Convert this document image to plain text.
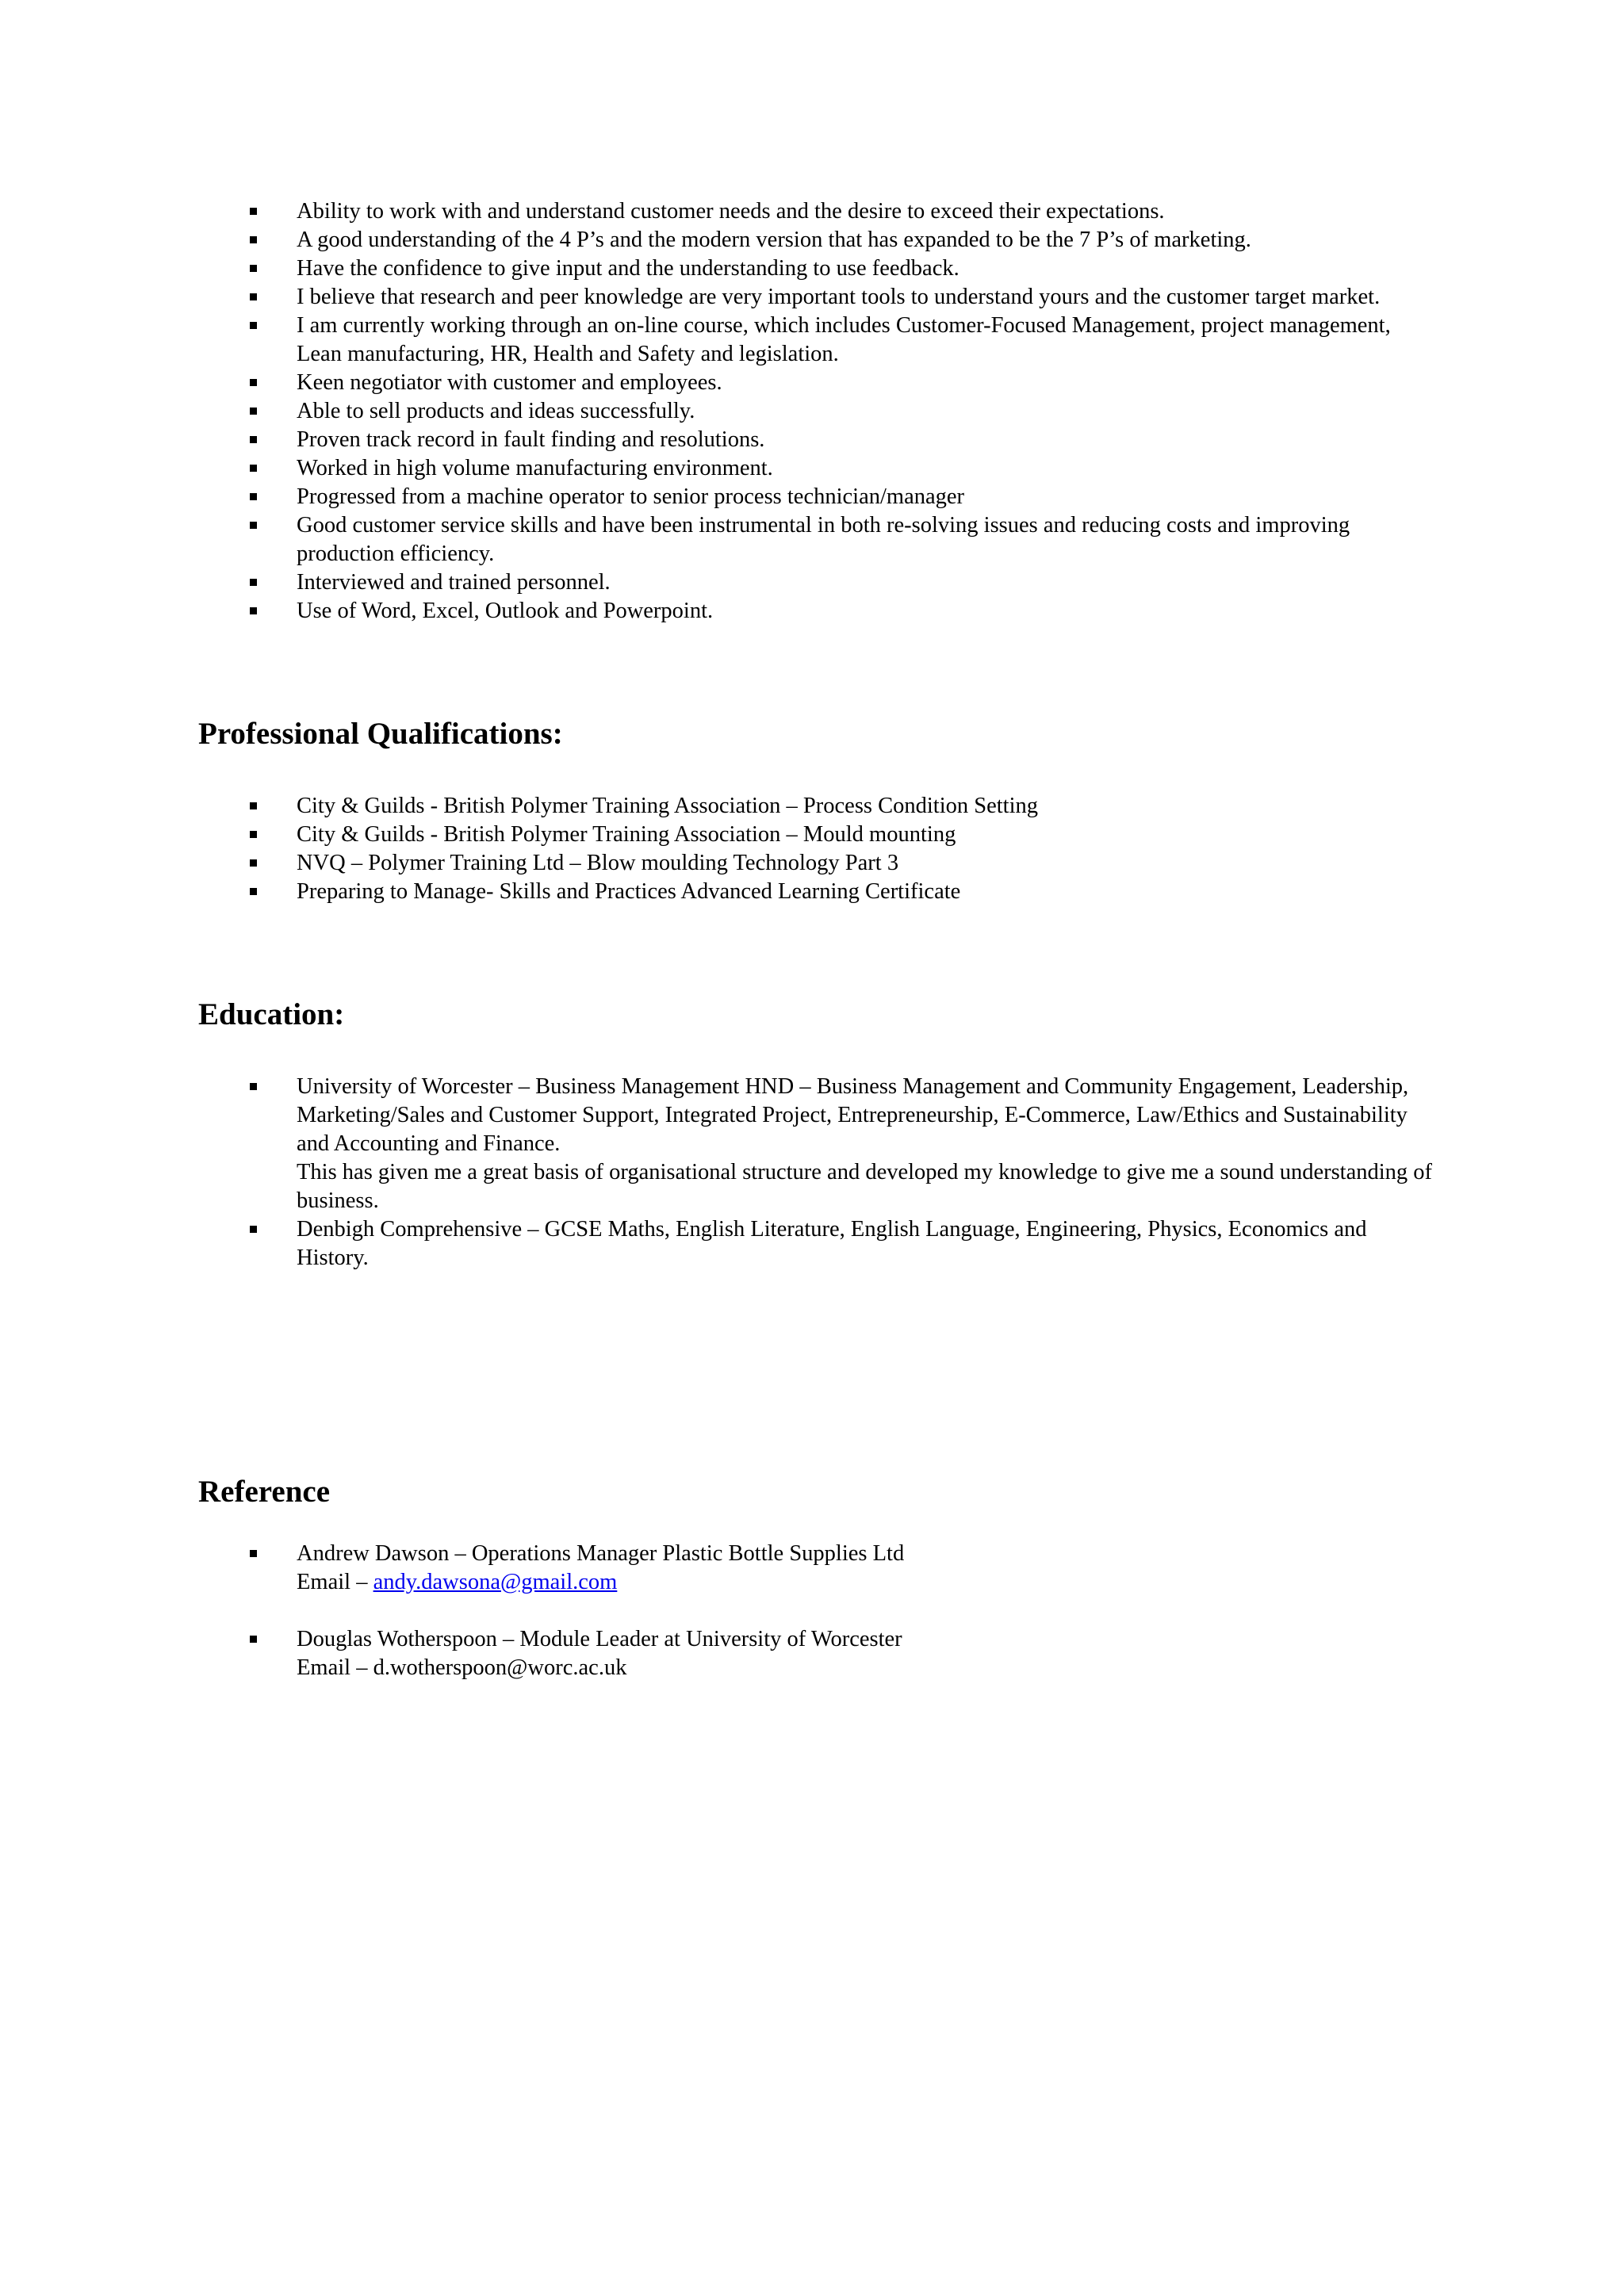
Ability to work with and understand customer needs and the desire to exceed their expectations.
A good understanding of the 4 P’s and the modern version that has expanded to be the 7 P’s of marketing.
Have the confidence to give input and the understanding to use feedback.
I believe that research and peer knowledge are very important tools to understand yours and the customer target market.
I am currently working through an on-line course, which includes Customer-Focused Management, project management, Lean manufacturing, HR, Health and Safety and legislation.
Keen negotiator with customer and employees.
Able to sell products and ideas successfully.
Proven track record in fault finding and resolutions.
Worked in high volume manufacturing environment.
Progressed from a machine operator to senior process technician/manager
Good customer service skills and have been instrumental in both re-solving issues and reducing costs and improving production efficiency.
Interviewed and trained personnel.
Use of Word, Excel, Outlook and Powerpoint.
Professional Qualifications:
City & Guilds - British Polymer Training Association – Process Condition Setting
City & Guilds - British Polymer Training Association – Mould mounting
NVQ – Polymer Training Ltd – Blow moulding Technology Part 3
Preparing to Manage- Skills and Practices Advanced Learning Certificate
Education:
University of Worcester – Business Management HND – Business Management and Community Engagement, Leadership, Marketing/Sales and Customer Support, Integrated Project, Entrepreneurship, E-Commerce, Law/Ethics and Sustainability and Accounting and Finance.
This has given me a great basis of organisational structure and developed my knowledge to give me a sound understanding of business.
Denbigh Comprehensive – GCSE Maths, English Literature, English Language, Engineering, Physics, Economics and History.
Reference
Andrew Dawson – Operations Manager Plastic Bottle Supplies Ltd
Email – andy.dawsona@gmail.com
Douglas Wotherspoon – Module Leader at University of Worcester
Email – d.wotherspoon@worc.ac.uk
